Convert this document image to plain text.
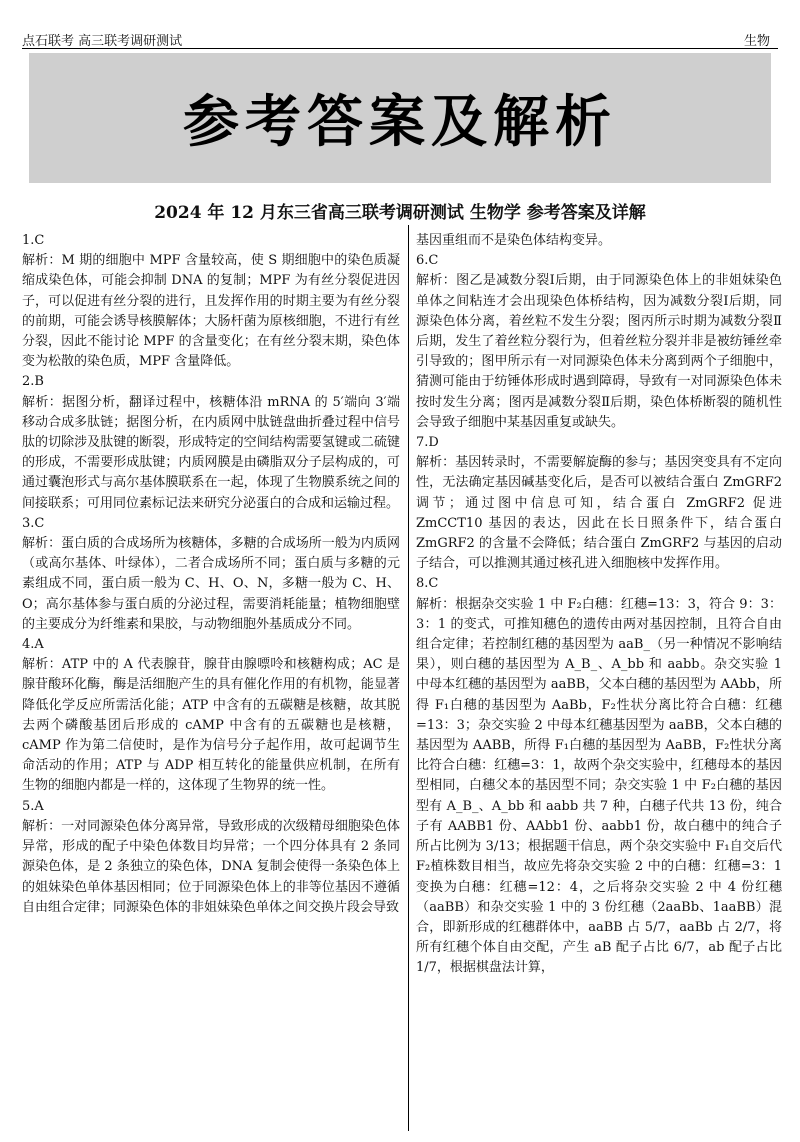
点石联考 高三联考调研测试	生物
参考答案及解析
2024 年 12 月东三省高三联考调研测试 生物学 参考答案及详解

1.C

解析：M 期的细胞中 MPF 含量较高，使 S 期细胞中的染色质凝缩成染色体，可能会抑制 DNA 的复制；MPF 为有丝分裂促进因子，可以促进有丝分裂的进行，且发挥作用的时期主要为有丝分裂的前期，可能会诱导核膜解体；大肠杆菌为原核细胞，不进行有丝分裂，因此不能讨论 MPF 的含量变化；在有丝分裂末期，染色体变为松散的染色质，MPF 含量降低。

2.B

解析：据图分析，翻译过程中，核糖体沿 mRNA 的 5′端向 3′端移动合成多肽链；据图分析，在内质网中肽链盘曲折叠过程中信号肽的切除涉及肽键的断裂，形成特定的空间结构需要氢键或二硫键的形成，不需要形成肽键；内质网膜是由磷脂双分子层构成的，可通过囊泡形式与高尔基体膜联系在一起，体现了生物膜系统之间的间接联系；可用同位素标记法来研究分泌蛋白的合成和运输过程。

3.C

解析：蛋白质的合成场所为核糖体，多糖的合成场所一般为内质网（或高尔基体、叶绿体），二者合成场所不同；蛋白质与多糖的元素组成不同，蛋白质一般为 C、H、O、N，多糖一般为 C、H、O；高尔基体参与蛋白质的分泌过程，需要消耗能量；植物细胞壁的主要成分为纤维素和果胶，与动物细胞外基质成分不同。

4.A

解析：ATP 中的 A 代表腺苷，腺苷由腺嘌呤和核糖构成；AC 是腺苷酸环化酶，酶是活细胞产生的具有催化作用的有机物，能显著降低化学反应所需活化能；ATP 中含有的五碳糖是核糖，故其脱去两个磷酸基团后形成的 cAMP 中含有的五碳糖也是核糖，cAMP 作为第二信使时，是作为信号分子起作用，故可起调节生命活动的作用；ATP 与 ADP 相互转化的能量供应机制，在所有生物的细胞内都是一样的，这体现了生物界的统一性。

5.A

解析：一对同源染色体分离异常，导致形成的次级精母细胞染色体异常，形成的配子中染色体数目均异常；一个四分体具有 2 条同源染色体，是 2 条独立的染色体，DNA 复制会使得一条染色体上的姐妹染色单体基因相同；位于同源染色体上的非等位基因不遵循自由组合定律；同源染色体的非姐妹染色单体之间交换片段会导致

基因重组而不是染色体结构变异。

6.C

解析：图乙是减数分裂Ⅰ后期，由于同源染色体上的非姐妹染色单体之间粘连才会出现染色体桥结构，因为减数分裂Ⅰ后期，同源染色体分离，着丝粒不发生分裂；图丙所示时期为减数分裂Ⅱ后期，发生了着丝粒分裂行为，但着丝粒分裂并非是被纺锤丝牵引导致的；图甲所示有一对同源染色体未分离到两个子细胞中，猜测可能由于纺锤体形成时遇到障碍，导致有一对同源染色体未按时发生分离；图丙是减数分裂Ⅱ后期，染色体桥断裂的随机性会导致子细胞中某基因重复或缺失。

7.D

解析：基因转录时，不需要解旋酶的参与；基因突变具有不定向性，无法确定基因碱基变化后，是否可以被结合蛋白 ZmGRF2 调节；通过图中信息可知，结合蛋白 ZmGRF2 促进 ZmCCT10 基因的表达，因此在长日照条件下，结合蛋白 ZmGRF2 的含量不会降低；结合蛋白 ZmGRF2 与基因的启动子结合，可以推测其通过核孔进入细胞核中发挥作用。

8.C

解析：根据杂交实验 1 中 F₂白穗：红穗=13：3，符合 9：3：3：1 的变式，可推知穗色的遗传由两对基因控制，且符合自由组合定律；若控制红穗的基因型为 aaB_（另一种情况不影响结果），则白穗的基因型为 A_B_、A_bb 和 aabb。杂交实验 1 中母本红穗的基因型为 aaBB，父本白穗的基因型为 AAbb，所得 F₁白穗的基因型为 AaBb，F₂性状分离比符合白穗：红穗=13：3；杂交实验 2 中母本红穗基因型为 aaBB，父本白穗的基因型为 AABB，所得 F₁白穗的基因型为 AaBB，F₂性状分离比符合白穗：红穗=3：1，故两个杂交实验中，红穗母本的基因型相同，白穗父本的基因型不同；杂交实验 1 中 F₂白穗的基因型有 A_B_、A_bb 和 aabb 共 7 种，白穗子代共 13 份，纯合子有 AABB1 份、AAbb1 份、aabb1 份，故白穗中的纯合子所占比例为 3/13；根据题干信息，两个杂交实验中 F₁自交后代 F₂植株数目相当，故应先将杂交实验 2 中的白穗：红穗=3：1 变换为白穗：红穗=12：4，之后将杂交实验 2 中 4 份红穗（aaBB）和杂交实验 1 中的 3 份红穗（2aaBb、1aaBB）混合，即新形成的红穗群体中，aaBB 占 5/7，aaBb 占 2/7，将所有红穗个体自由交配，产生 aB 配子占比 6/7，ab 配子占比 1/7，根据棋盘法计算，
